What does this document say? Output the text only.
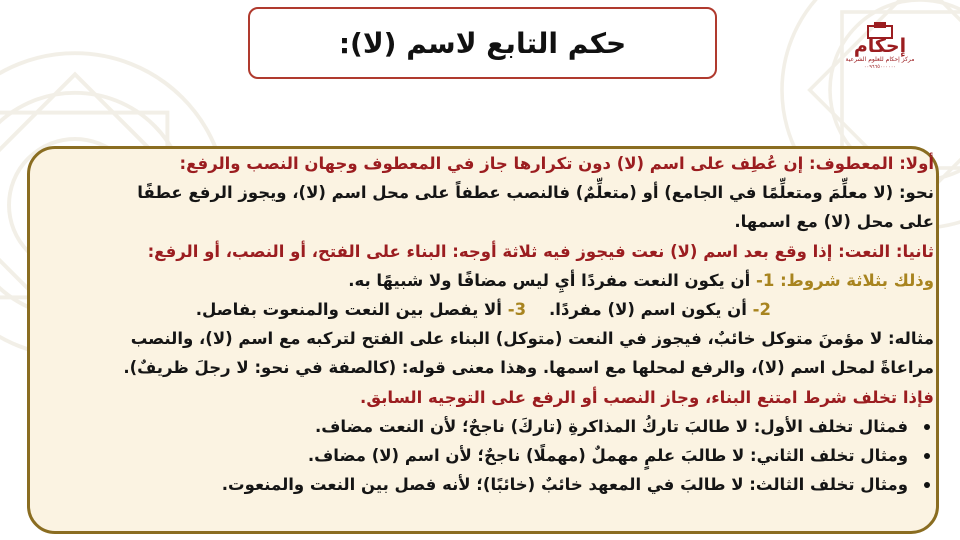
حكم التابع لاسم (لا):	إحكام
مركز إحكام للعلوم الشرعية
٠٠٩٦٦٥٠٠٠٠٠٠
أولا: المعطوف: إن عُطِف على اسم (لا) دون تكرارها جاز في المعطوف وجهان النصب والرفع:
نحو: (لا معلِّمَ ومتعلِّمًا في الجامع) أو (متعلِّمٌ) فالنصب عطفاً على محل اسم (لا)، ويجوز الرفع عطفًا
على محل (لا) مع اسمها.
ثانيا: النعت: إذا وقع بعد اسم (لا) نعت فيجوز فيه ثلاثة أوجه: البناء على الفتح، أو النصب، أو الرفع:
وذلك بثلاثة شروط: 1- أن يكون النعت مفردًا أيِ ليس مضافًا ولا شبيهًا به.
2- أن يكون اسم (لا) مفردًا.    3- ألا يفصل بين النعت والمنعوت بفاصل.
مثاله: لا مؤمنَ متوكل خائبٌ، فيجوز في النعت (متوكل) البناء على الفتح لتركبه مع اسم (لا)، والنصب
مراعاةً لمحل اسم (لا)، والرفع لمحلها مع اسمها. وهذا معنى قوله: (كالصفة في نحو: لا رجلَ ظريفٌ).
فإذا تخلف شرط امتنع البناء، وجاز النصب أو الرفع على التوجيه السابق.
فمثال تخلف الأول: لا طالبَ تاركُ المذاكرةِ (تاركَ) ناجحٌ؛ لأن النعت مضاف.
ومثال تخلف الثاني: لا طالبَ علمٍ مهملٌ (مهملًا) ناجحٌ؛ لأن اسم (لا) مضاف.
ومثال تخلف الثالث: لا طالبَ في المعهد خائبٌ (خائبًا)؛ لأنه فصل بين النعت والمنعوت.
